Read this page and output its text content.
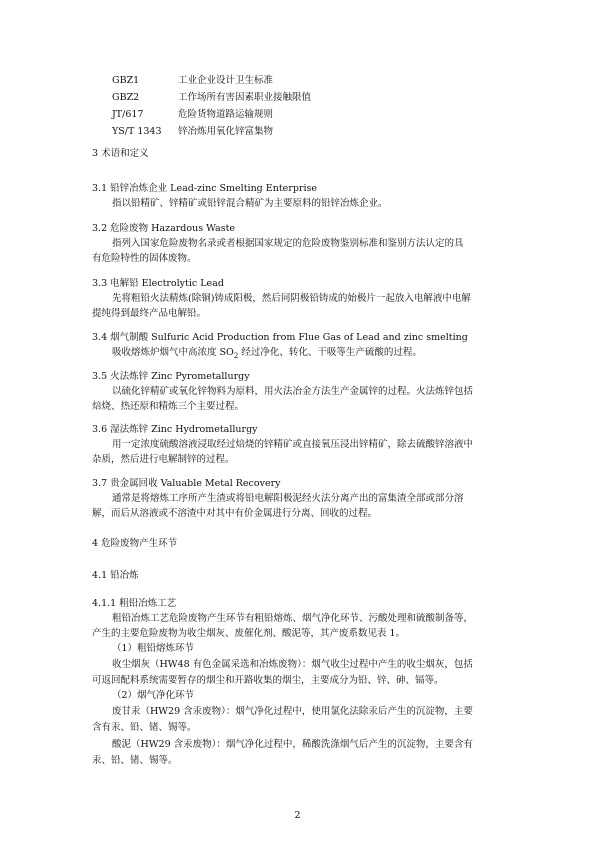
GBZ1	工业企业设计卫生标准
GBZ2	工作场所有害因素职业接触限值
JT/617	危险货物道路运输规则
YS/T 1343	锌冶炼用氧化锌富集物
3 术语和定义
3.1 铅锌冶炼企业 Lead-zinc Smelting Enterprise
指以铅精矿、锌精矿或铅锌混合精矿为主要原料的铅锌冶炼企业。
3.2 危险废物 Hazardous Waste
指列入国家危险废物名录或者根据国家规定的危险废物鉴别标准和鉴别方法认定的具
有危险特性的固体废物。
3.3 电解铅 Electrolytic Lead
先将粗铅火法精炼(除铜)铸成阳极，然后同阴极铅铸成的始极片一起放入电解液中电解
提纯得到最终产品电解铅。
3.4 烟气制酸 Sulfuric Acid Production from Flue Gas of Lead and zinc smelting
吸收熔炼炉烟气中高浓度 $SO_2$ 经过净化、转化、干吸等生产硫酸的过程。
3.5 火法炼锌 Zinc Pyrometallurgy
以硫化锌精矿或氧化锌物料为原料，用火法冶金方法生产金属锌的过程。火法炼锌包括
焙烧、热还原和精炼三个主要过程。
3.6 湿法炼锌 Zinc Hydrometallurgy
用一定浓度硫酸溶液浸取经过焙烧的锌精矿或直接氧压浸出锌精矿，除去硫酸锌溶液中
杂质，然后进行电解制锌的过程。
3.7 贵金属回收 Valuable Metal Recovery
通常是将熔炼工序所产生渣或将铅电解阳极泥经火法分离产出的富集渣全部或部分溶
解，而后从溶液或不溶渣中对其中有价金属进行分离、回收的过程。
4 危险废物产生环节
4.1 铅冶炼
4.1.1 粗铅冶炼工艺
粗铅冶炼工艺危险废物产生环节有粗铅熔炼、烟气净化环节、污酸处理和硫酸制备等，
产生的主要危险废物为收尘烟灰、废催化剂、酸泥等，其产废系数见表 1。
（1）粗铅熔炼环节
收尘烟灰（HW48 有色金属采选和冶炼废物）：烟气收尘过程中产生的收尘烟灰，包括
可返回配料系统需要暂存的烟尘和开路收集的烟尘，主要成分为铅、锌、砷、镉等。
（2）烟气净化环节
废甘汞（HW29 含汞废物）：烟气净化过程中，使用氯化法除汞后产生的沉淀物，主要
含有汞、铅、锗、锡等。
酸泥（HW29 含汞废物）：烟气净化过程中，稀酸洗涤烟气后产生的沉淀物，主要含有
汞、铅、锗、锡等。
2
